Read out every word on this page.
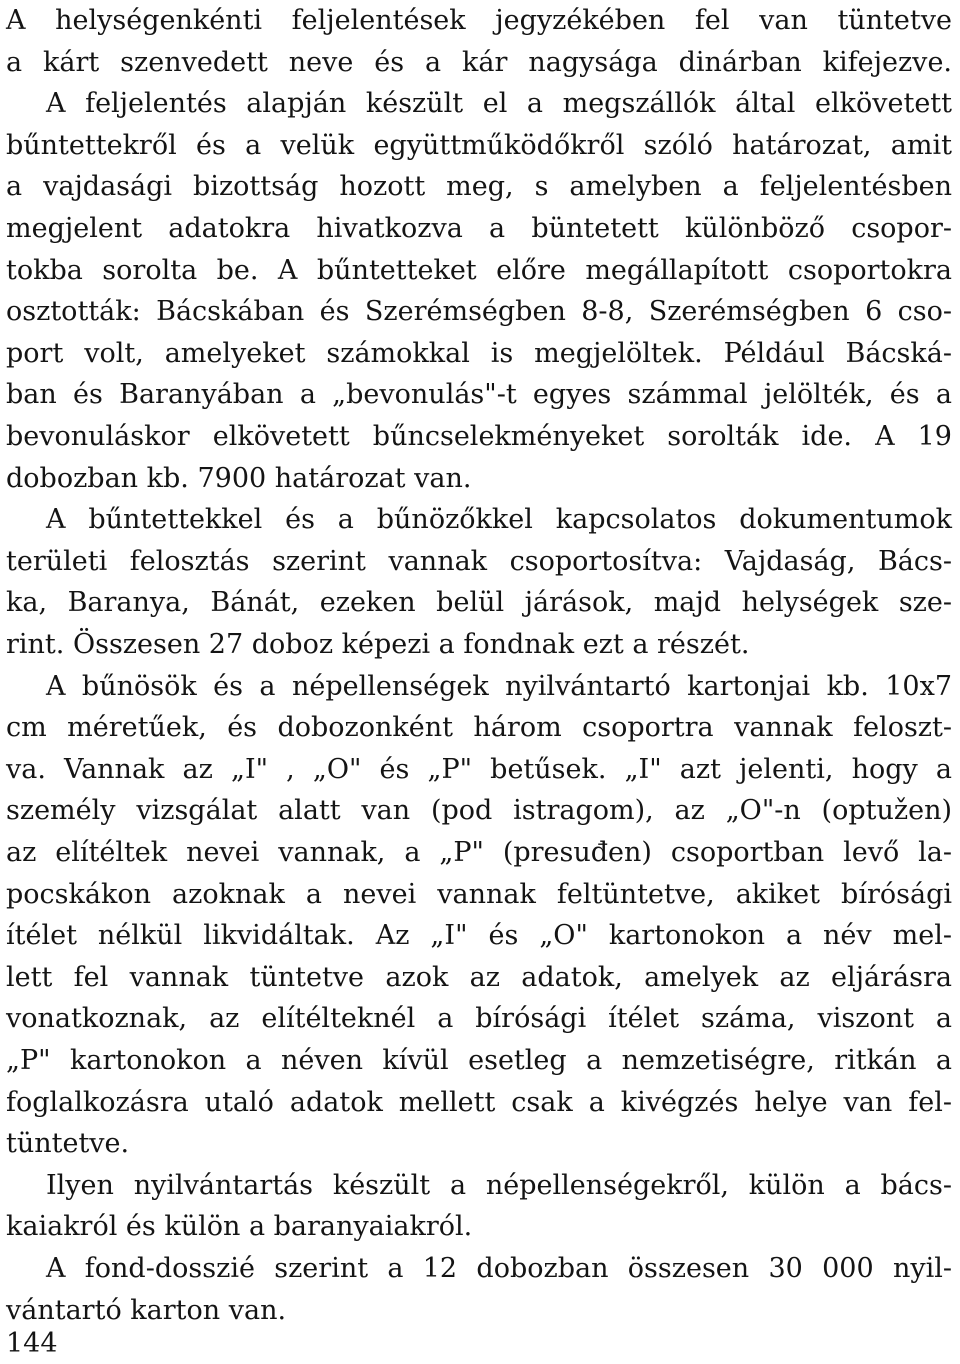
A helységenkénti feljelentések jegyzékében fel van tüntetve
a kárt szenvedett neve és a kár nagysága dinárban kifejezve.
A feljelentés alapján készült el a megszállók által elkövetett
bűntettekről és a velük együttműködőkről szóló határozat, amit
a vajdasági bizottság hozott meg, s amelyben a feljelentésben
megjelent adatokra hivatkozva a büntetett különböző csopor-
tokba sorolta be. A bűntetteket előre megállapított csoportokra
osztották: Bácskában és Szerémségben 8-8, Szerémségben 6 cso-
port volt, amelyeket számokkal is megjelöltek. Például Bácská-
ban és Baranyában a „bevonulás"-t egyes számmal jelölték, és a
bevonuláskor elkövetett bűncselekményeket sorolták ide. A 19
dobozban kb. 7900 határozat van.
A bűntettekkel és a bűnözőkkel kapcsolatos dokumentumok
területi felosztás szerint vannak csoportosítva: Vajdaság, Bács-
ka, Baranya, Bánát, ezeken belül járások, majd helységek sze-
rint. Összesen 27 doboz képezi a fondnak ezt a részét.
A bűnösök és a népellenségek nyilvántartó kartonjai kb. 10x7
cm méretűek, és dobozonként három csoportra vannak feloszt-
va. Vannak az „I" , „O" és „P" betűsek. „I" azt jelenti, hogy a
személy vizsgálat alatt van (pod istragom), az „O"-n (optužen)
az elítéltek nevei vannak, a „P" (presuđen) csoportban levő la-
pocskákon azoknak a nevei vannak feltüntetve, akiket bírósági
ítélet nélkül likvidáltak. Az „I" és „O" kartonokon a név mel-
lett fel vannak tüntetve azok az adatok, amelyek az eljárásra
vonatkoznak, az elítélteknél a bírósági ítélet száma, viszont a
„P" kartonokon a néven kívül esetleg a nemzetiségre, ritkán a
foglalkozásra utaló adatok mellett csak a kivégzés helye van fel-
tüntetve.
Ilyen nyilvántartás készült a népellenségekről, külön a bács-
kaiakról és külön a baranyaiakról.
A fond-dosszié szerint a 12 dobozban összesen 30 000 nyil-
vántartó karton van.
144
